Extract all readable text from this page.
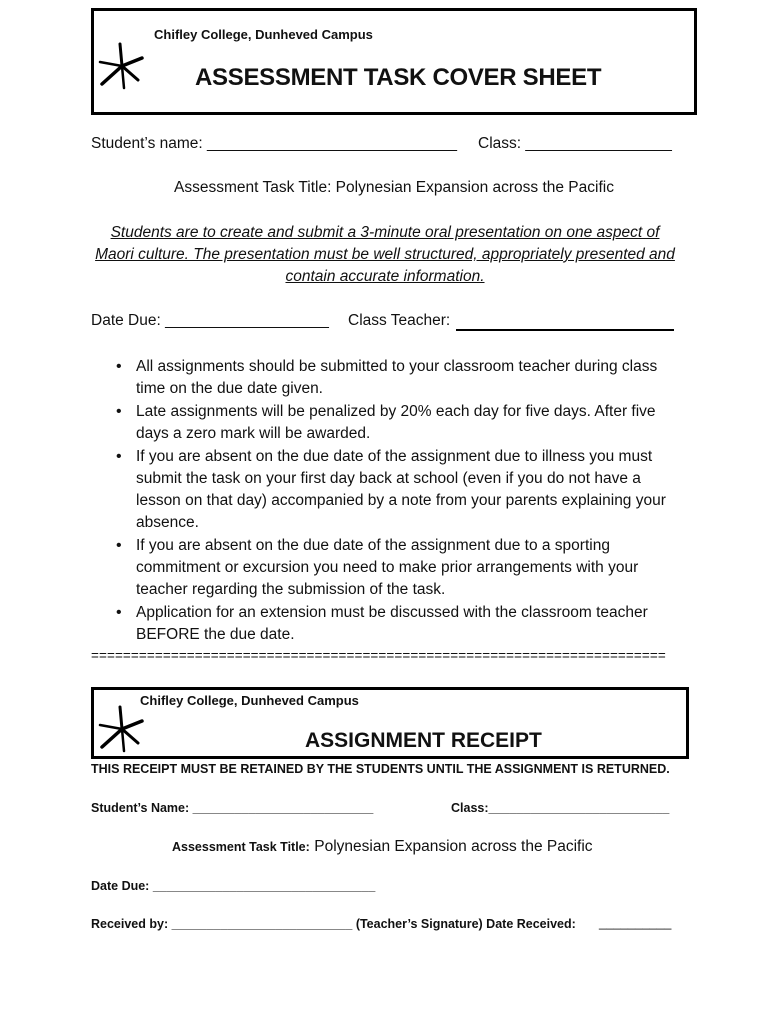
Chifley College, Dunheved Campus
ASSESSMENT TASK COVER SHEET
Student’s name: _____________________________ Class: _________________
Assessment Task Title: Polynesian Expansion across the Pacific
Students are to create and submit a 3-minute oral presentation on one aspect of Maori culture. The presentation must be well structured, appropriately presented and contain accurate information.
Date Due: ___________________ Class Teacher:
• All assignments should be submitted to your classroom teacher during class time on the due date given.
• Late assignments will be penalized by 20% each day for five days. After five days a zero mark will be awarded.
• If you are absent on the due date of the assignment due to illness you must submit the task on your first day back at school (even if you do not have a lesson on that day) accompanied by a note from your parents explaining your absence.
• If you are absent on the due date of the assignment due to a sporting commitment or excursion you need to make prior arrangements with your teacher regarding the submission of the task.
• Application for an extension must be discussed with the classroom teacher BEFORE the due date.
========================================================================
Chifley College, Dunheved Campus
ASSIGNMENT RECEIPT
THIS RECEIPT MUST BE RETAINED BY THE STUDENTS UNTIL THE ASSIGNMENT IS RETURNED.
Student’s Name: __________________________	Class:__________________________
Assessment Task Title: Polynesian Expansion across the Pacific
Date Due: ________________________________
Received by: __________________________ (Teacher’s Signature) Date Received: __________
